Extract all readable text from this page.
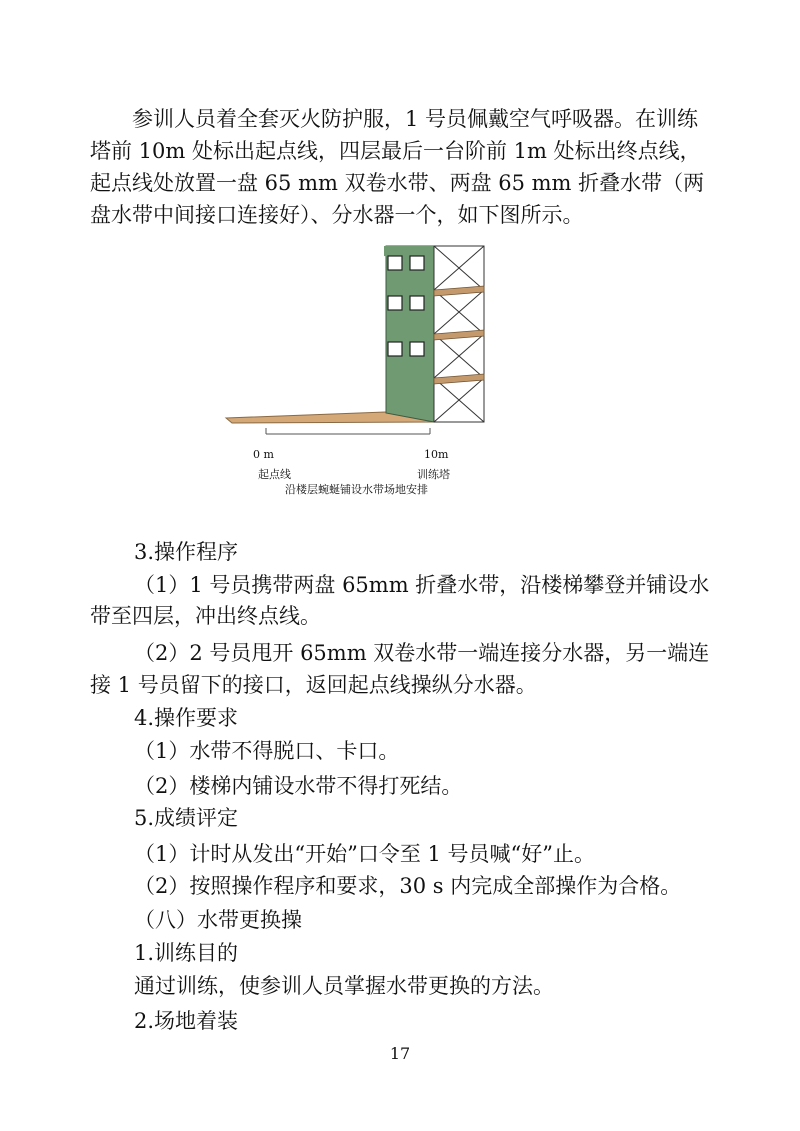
参训人员着全套灭火防护服，1 号员佩戴空气呼吸器。在训练塔前 10m 处标出起点线，四层最后一台阶前 1m 处标出终点线，起点线处放置一盘 65 mm 双卷水带、两盘 65 mm 折叠水带（两盘水带中间接口连接好）、分水器一个，如下图所示。

0 m	10m
起点线	训练塔
沿楼层蜿蜒铺设水带场地安排

3.操作程序

（1）1 号员携带两盘 65mm 折叠水带，沿楼梯攀登并铺设水

带至四层，冲出终点线。

（2）2 号员甩开 65mm 双卷水带一端连接分水器，另一端连

接 1 号员留下的接口，返回起点线操纵分水器。

4.操作要求

（1）水带不得脱口、卡口。

（2）楼梯内铺设水带不得打死结。

5.成绩评定

（1）计时从发出“开始”口令至 1 号员喊“好”止。

（2）按照操作程序和要求，30 s 内完成全部操作为合格。

（八）水带更换操

1.训练目的

通过训练，使参训人员掌握水带更换的方法。

2.场地着装

17
